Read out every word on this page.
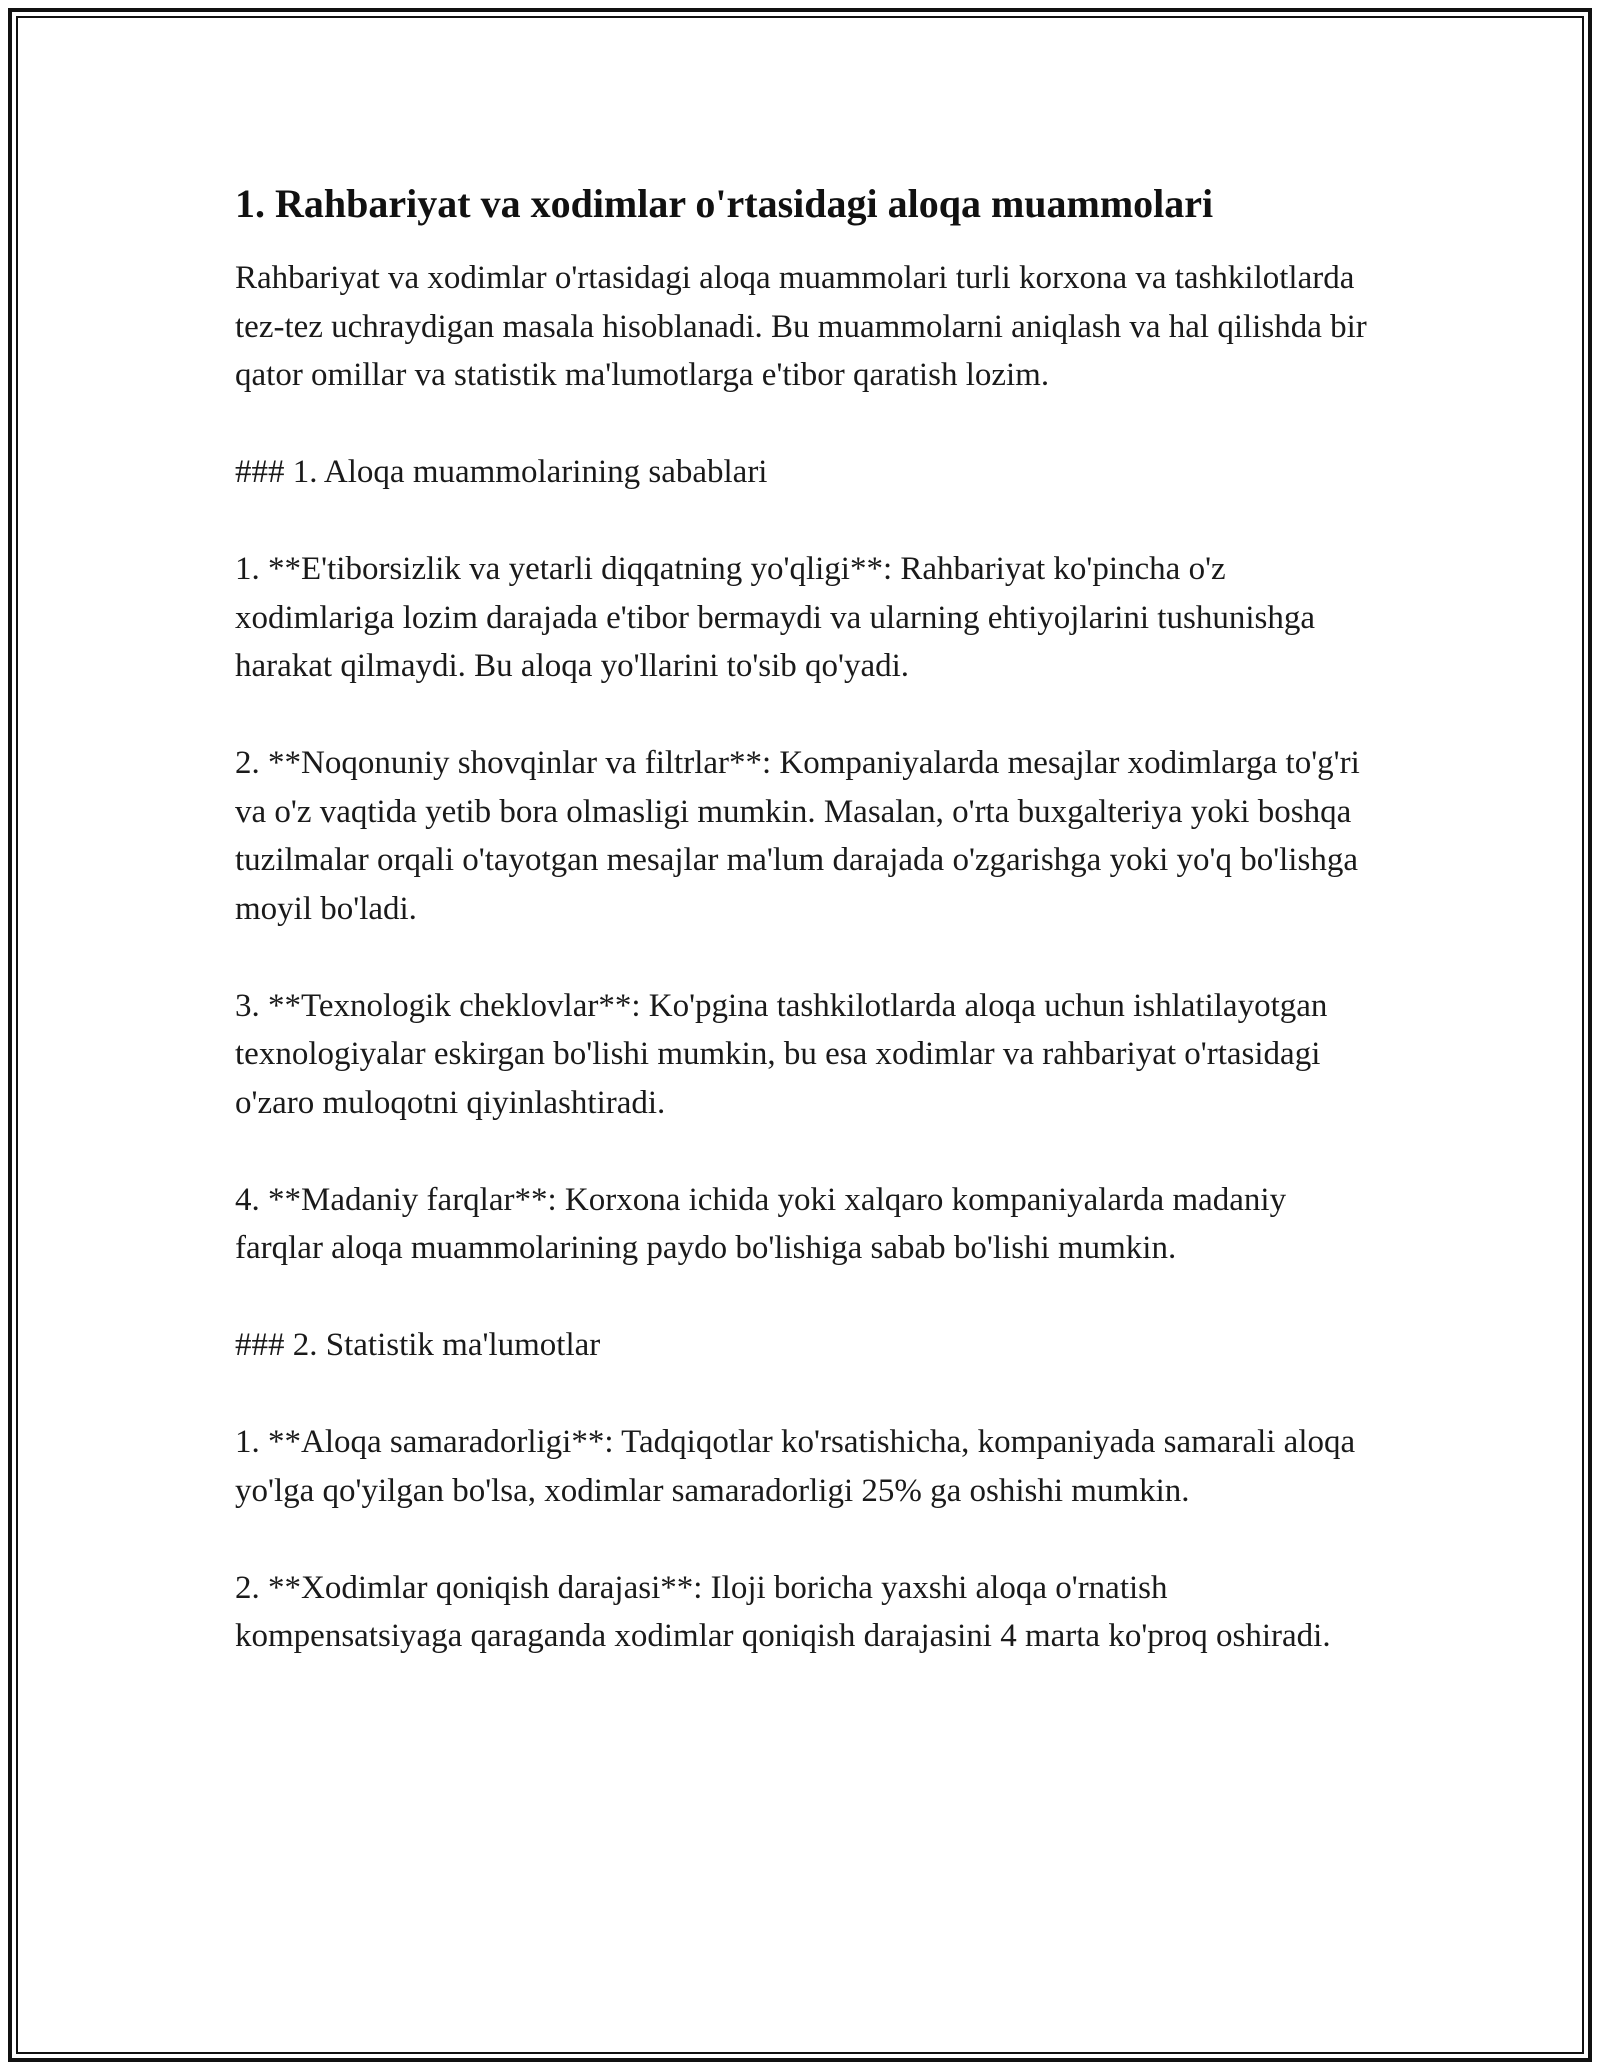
1. Rahbariyat va xodimlar o'rtasidagi aloqa muammolari

Rahbariyat va xodimlar o'rtasidagi aloqa muammolari turli korxona va tashkilotlarda tez-tez uchraydigan masala hisoblanadi. Bu muammolarni aniqlash va hal qilishda bir qator omillar va statistik ma'lumotlarga e'tibor qaratish lozim.

### 1. Aloqa muammolarining sabablari

1. **E'tiborsizlik va yetarli diqqatning yo'qligi**: Rahbariyat ko'pincha o'z xodimlariga lozim darajada e'tibor bermaydi va ularning ehtiyojlarini tushunishga harakat qilmaydi. Bu aloqa yo'llarini to'sib qo'yadi.

2. **Noqonuniy shovqinlar va filtrlar**: Kompaniyalarda mesajlar xodimlarga to'g'ri va o'z vaqtida yetib bora olmasligi mumkin. Masalan, o'rta buxgalteriya yoki boshqa tuzilmalar orqali o'tayotgan mesajlar ma'lum darajada o'zgarishga yoki yo'q bo'lishga moyil bo'ladi.

3. **Texnologik cheklovlar**: Ko'pgina tashkilotlarda aloqa uchun ishlatilayotgan texnologiyalar eskirgan bo'lishi mumkin, bu esa xodimlar va rahbariyat o'rtasidagi o'zaro muloqotni qiyinlashtiradi.

4. **Madaniy farqlar**: Korxona ichida yoki xalqaro kompaniyalarda madaniy farqlar aloqa muammolarining paydo bo'lishiga sabab bo'lishi mumkin.

### 2. Statistik ma'lumotlar

1. **Aloqa samaradorligi**: Tadqiqotlar ko'rsatishicha, kompaniyada samarali aloqa yo'lga qo'yilgan bo'lsa, xodimlar samaradorligi 25% ga oshishi mumkin.

2. **Xodimlar qoniqish darajasi**: Iloji boricha yaxshi aloqa o'rnatish kompensatsiyaga qaraganda xodimlar qoniqish darajasini 4 marta ko'proq oshiradi.
